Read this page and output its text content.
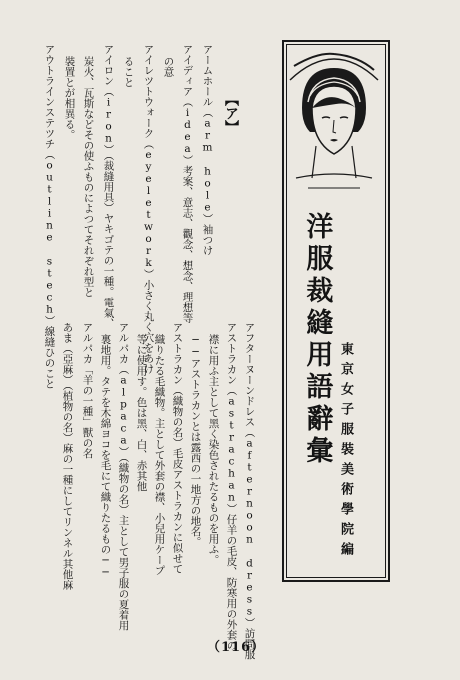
【ア】
アームホール（arm hole）袖つけ
アイディア（idea）考案、意志、觀念、想念、理想等
の意
アイレツトウォーク（eyeletwork）小さく丸く穴をあけ
ること
アイロン（iron）（裁縫用具）ヤキゴテの一種。電氣、
炭火、瓦斯などその使ふものによつてそれぞれ型と
裝置とが相異る。
アウトラインステツチ（outline stech）線縫ひのこと	洋服裁縫用語辭彙 東京女子服裝美術學院編
アフターヌーンドレス（afternoon dress）訪問服
アストラカン（astrachan）仔羊の毛皮、防寒用の外套の
襟に用ふ主として黑く染色されたるものを用ふ。
──アストラカンとは露西の一地方の地名。
アストラカン（織物の名）毛皮アストラカンに似せて
織りたる毛織物。主として外套の襟、小兒用ケープ
等に使用す。色は黑、白、赤其他
アルパカ（alpaca）（織物の名）主として男子服の夏着用
裏地用。タテを木綿ヨコを毛にて織りたるもの──
アルパカ「羊の一種」獸の名
あま（亞麻）（植物の名）麻の一種にしてリンネル其他麻
（116）
